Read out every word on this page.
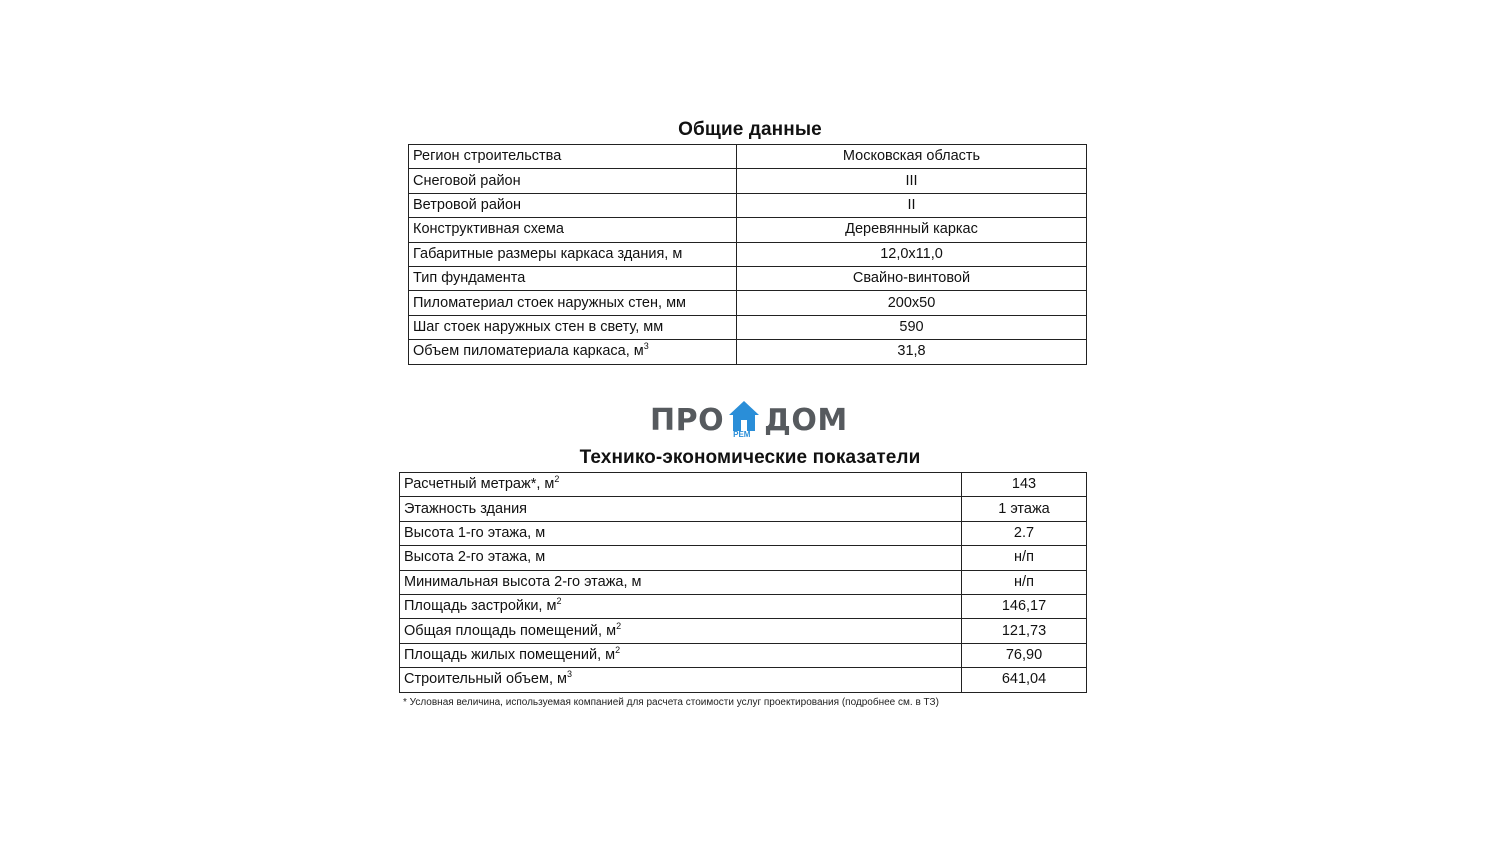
Общие данные
Регион строительства	Московская область
Снеговой район	III
Ветровой район	II
Конструктивная схема	Деревянный каркас
Габаритные размеры каркаса здания, м	12,0x11,0
Тип фундамента	Свайно-винтовой
Пиломатериал стоек наружных стен, мм	200x50
Шаг стоек наружных стен в свету, мм	590
Объем пиломатериала каркаса, $м^3$	31,8
ПРО РЕМ ДОМ
Технико-экономические показатели
Расчетный метраж*, $м^2$	143
Этажность здания	1 этажа
Высота 1-го этажа, м	2.7
Высота 2-го этажа, м	н/п
Минимальная высота 2-го этажа, м	н/п
Площадь застройки, $м^2$	146,17
Общая площадь помещений, $м^2$	121,73
Площадь жилых помещений, $м^2$	76,90
Строительный объем, $м^3$	641,04
* Условная величина, используемая компанией для расчета стоимости услуг проектирования (подробнее см. в ТЗ)
